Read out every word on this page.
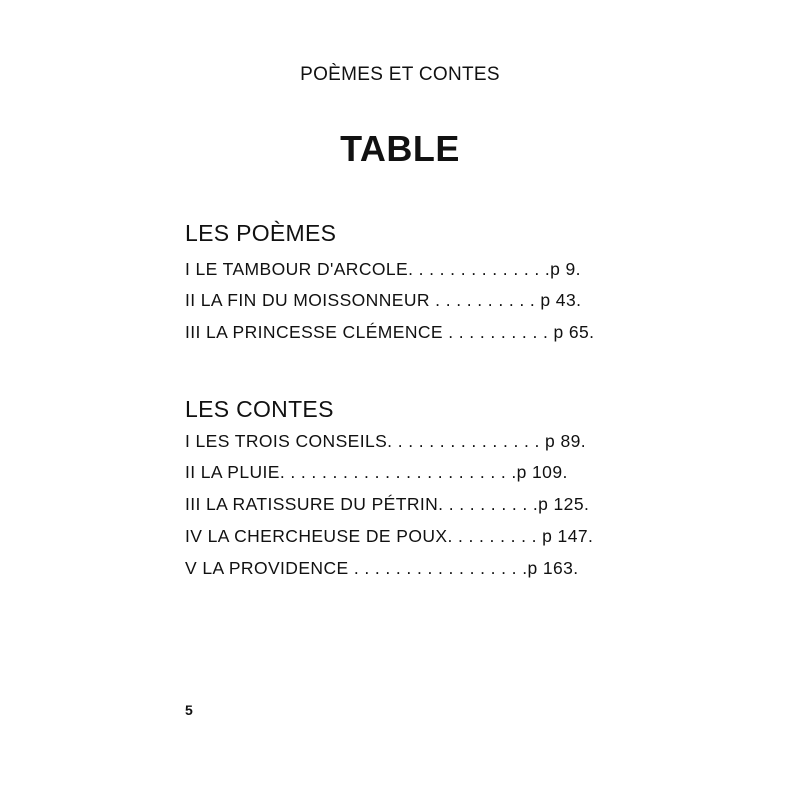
POÈMES ET CONTES
TABLE
LES POÈMES
I LE TAMBOUR D'ARCOLE. . . . . . . . . . . . . .p 9.
II LA FIN DU MOISSONNEUR . . . . . . . . . . p 43.
III LA PRINCESSE CLÉMENCE . . . . . . . . . . p 65.
LES CONTES
I LES TROIS CONSEILS. . . . . . . . . . . . . . . p 89.
II LA PLUIE. . . . . . . . . . . . . . . . . . . . . . .p 109.
III LA RATISSURE DU PÉTRIN. . . . . . . . . .p 125.
IV LA CHERCHEUSE DE POUX. . . . . . . . . p 147.
V LA PROVIDENCE . . . . . . . . . . . . . . . . .p 163.
5
